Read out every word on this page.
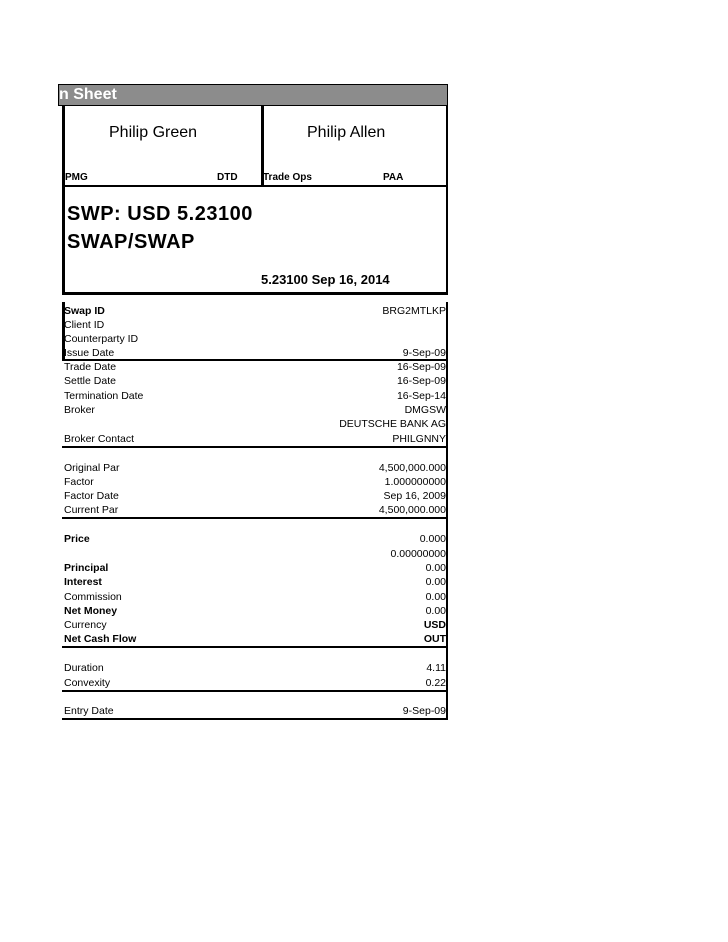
n Sheet
Philip Green	Philip Allen
PMG	DTD	Trade Ops	PAA
SWP: USD 5.23100
SWAP/SWAP
5.23100 Sep 16, 2014
Swap ID	BRG2MTLKP
Client ID
Counterparty ID
Issue Date	9-Sep-09
Trade Date	16-Sep-09
Settle Date	16-Sep-09
Termination Date	16-Sep-14
Broker	DMGSW
DEUTSCHE BANK AG
Broker Contact	PHILGNNY
Original Par	4,500,000.000
Factor	1.000000000
Factor Date	Sep 16, 2009
Current Par	4,500,000.000
Price	0.000
0.00000000
Principal	0.00
Interest	0.00
Commission	0.00
Net Money	0.00
Currency	USD
Net Cash Flow	OUT
Duration	4.11
Convexity	0.22
Entry Date	9-Sep-09
